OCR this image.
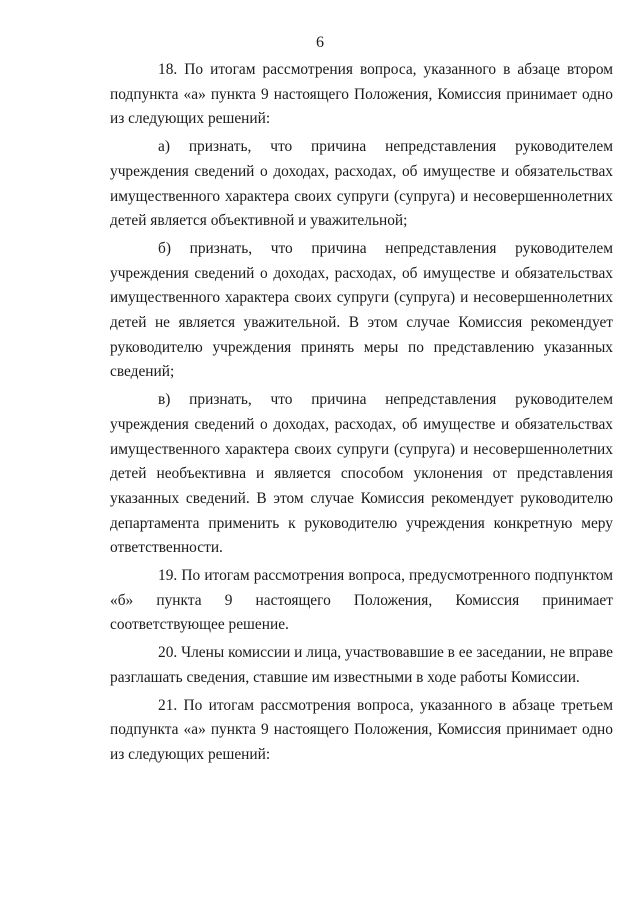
6

18. По итогам рассмотрения вопроса, указанного в абзаце втором подпункта «а» пункта 9 настоящего Положения, Комиссия принимает одно из следующих решений:

а) признать, что причина непредставления руководителем учреждения сведений о доходах, расходах, об имуществе и обязательствах имущественного характера своих супруги (супруга) и несовершеннолетних детей является объективной и уважительной;

б) признать, что причина непредставления руководителем учреждения сведений о доходах, расходах, об имуществе и обязательствах имущественного характера своих супруги (супруга) и несовершеннолетних детей не является уважительной. В этом случае Комиссия рекомендует руководителю учреждения принять меры по представлению указанных сведений;

в) признать, что причина непредставления руководителем учреждения сведений о доходах, расходах, об имуществе и обязательствах имущественного характера своих супруги (супруга) и несовершеннолетних детей необъективна и является способом уклонения от представления указанных сведений. В этом случае Комиссия рекомендует руководителю департамента применить к руководителю учреждения конкретную меру ответственности.

19. По итогам рассмотрения вопроса, предусмотренного подпунктом «б» пункта 9 настоящего Положения, Комиссия принимает соответствующее решение.

20. Члены комиссии и лица, участвовавшие в ее заседании, не вправе разглашать сведения, ставшие им известными в ходе работы Комиссии.

21. По итогам рассмотрения вопроса, указанного в абзаце третьем подпункта «а» пункта 9 настоящего Положения, Комиссия принимает одно из следующих решений:
